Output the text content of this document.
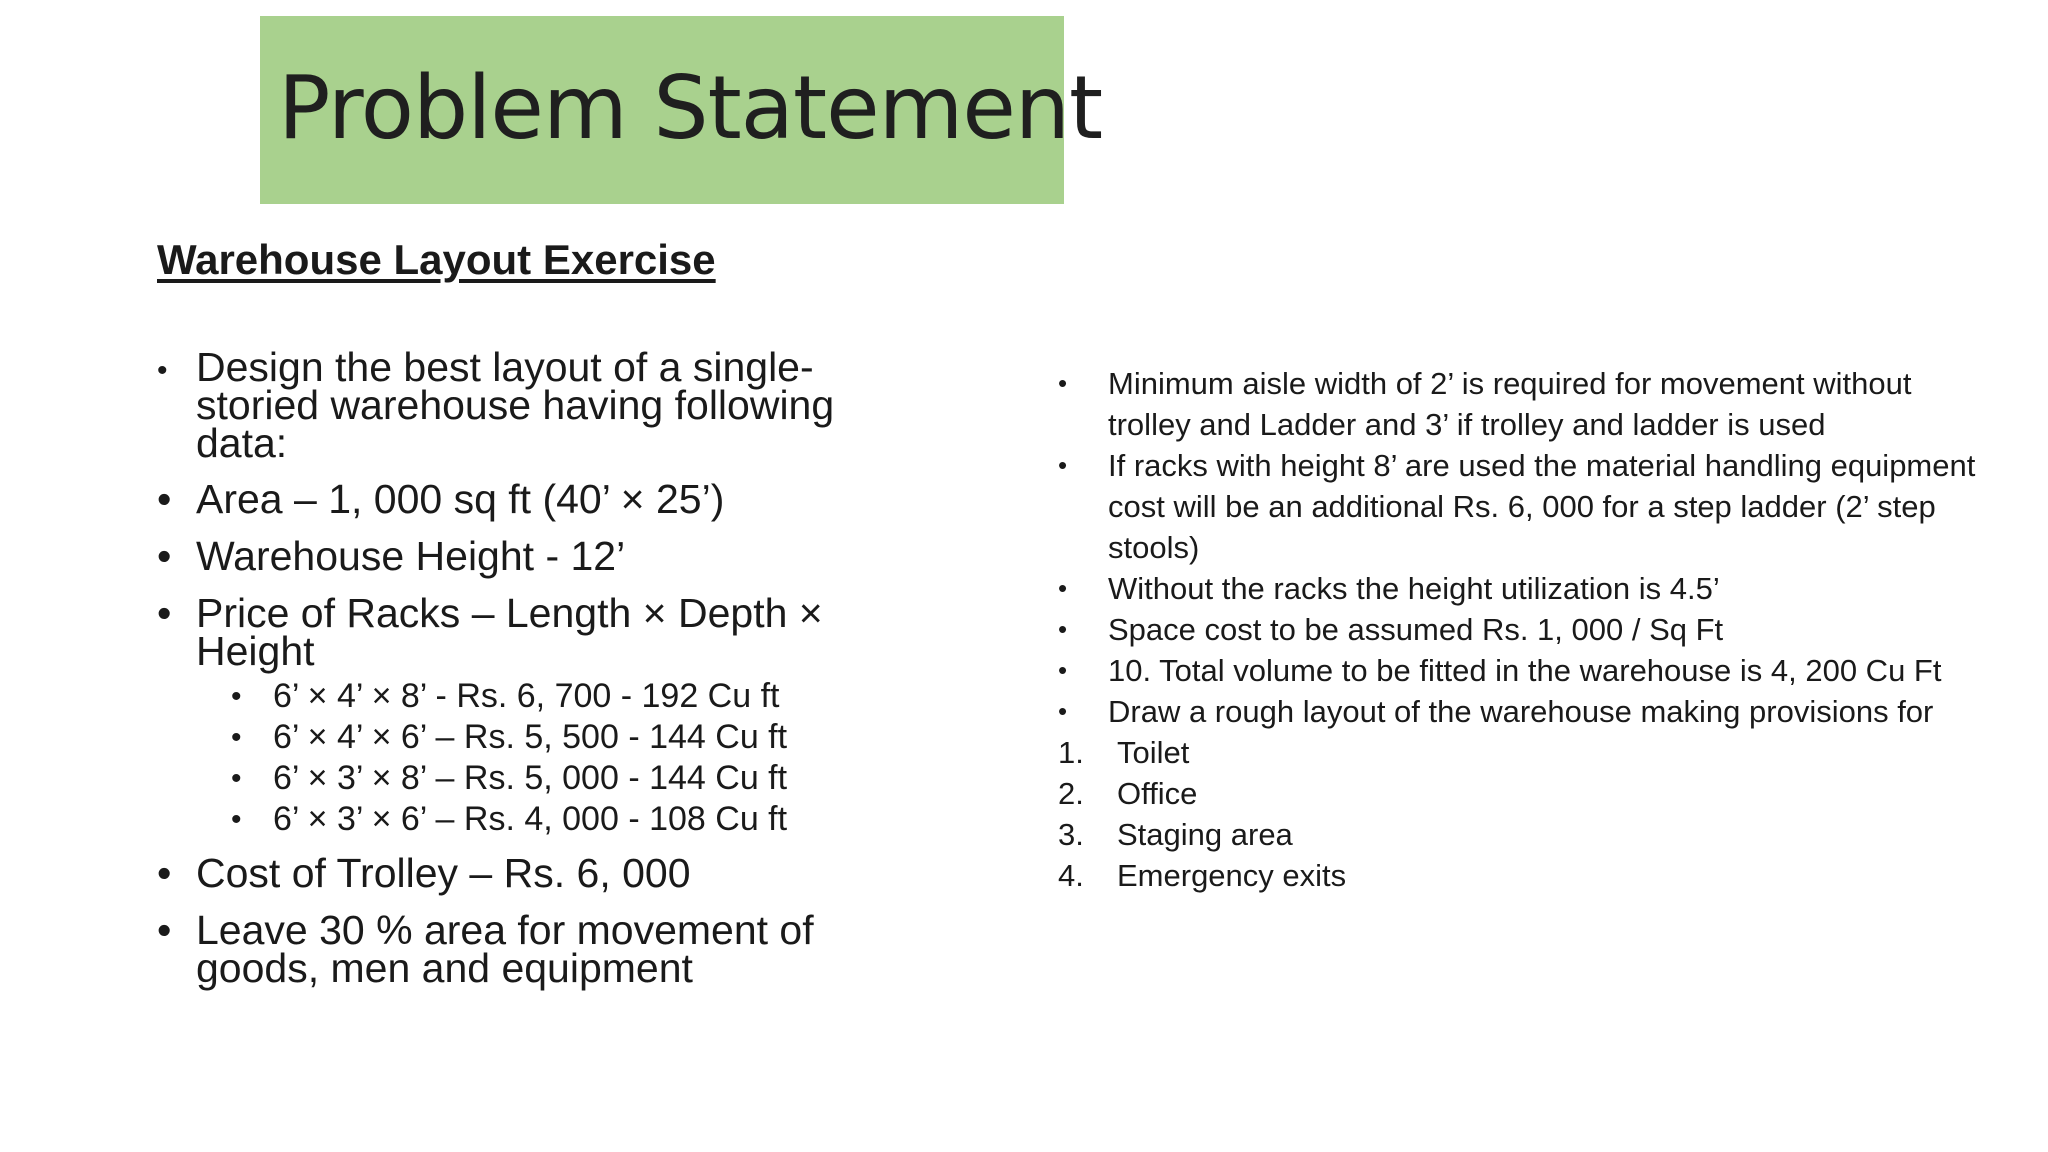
Problem Statement
Warehouse Layout Exercise
• Design the best layout of a single-storied warehouse having following data:
• Area – 1, 000 sq ft (40’ × 25’)
• Warehouse Height - 12’
• Price of Racks – Length × Depth × Height
• 6’ × 4’ × 8’ - Rs. 6, 700 - 192 Cu ft
• 6’ × 4’ × 6’ – Rs. 5, 500 - 144 Cu ft
• 6’ × 3’ × 8’ – Rs. 5, 000 - 144 Cu ft
• 6’ × 3’ × 6’ – Rs. 4, 000 - 108 Cu ft
• Cost of Trolley – Rs. 6, 000
• Leave 30 % area for movement of goods, men and equipment
• Minimum aisle width of 2’ is required for movement without trolley and Ladder and 3’ if trolley and ladder is used
• If racks with height 8’ are used the material handling equipment cost will be an additional Rs. 6, 000 for a step ladder (2’ step stools)
• Without the racks the height utilization is 4.5’
• Space cost to be assumed Rs. 1, 000 / Sq Ft
• 10. Total volume to be fitted in the warehouse is 4, 200 Cu Ft
• Draw a rough layout of the warehouse making provisions for
1. Toilet
2. Office
3. Staging area
4. Emergency exits
